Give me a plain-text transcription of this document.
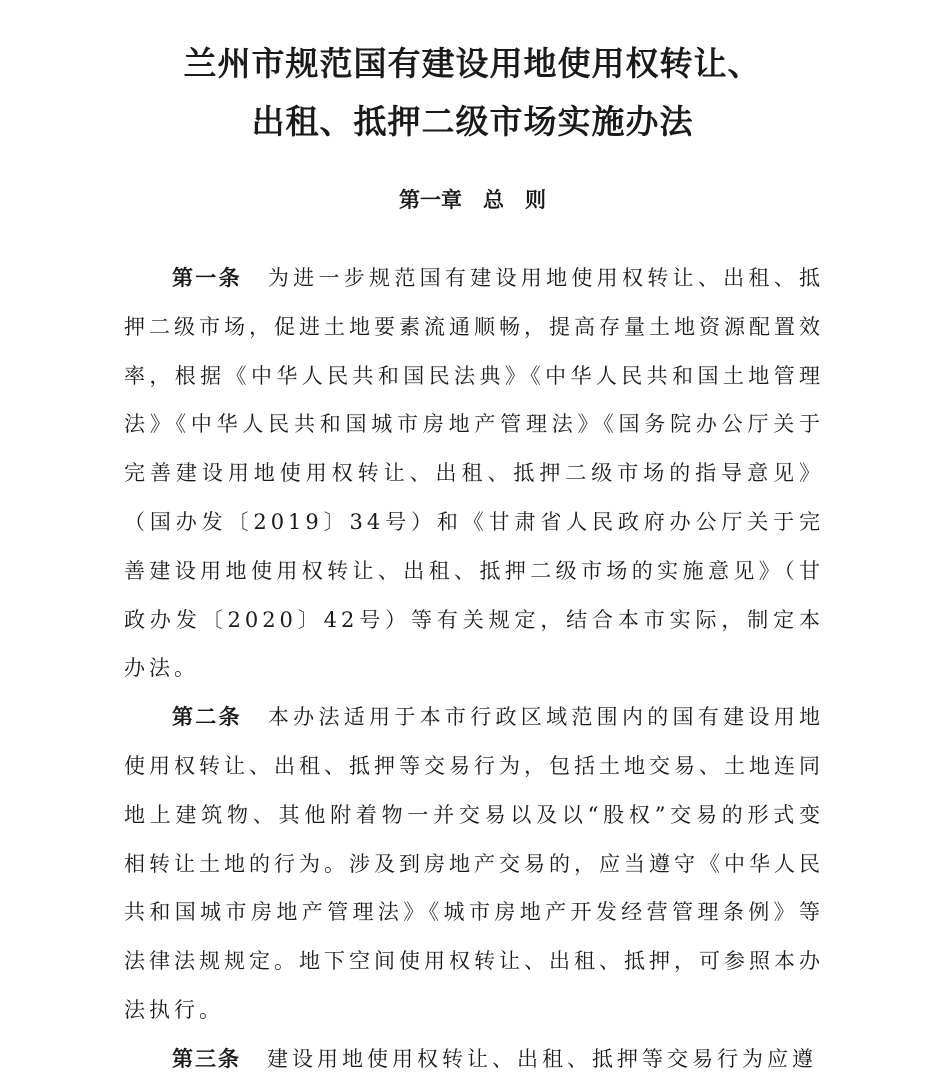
兰州市规范国有建设用地使用权转让、
出租、抵押二级市场实施办法
第一章　总　则

第一条 为进一步规范国有建设用地使用权转让、出租、抵押二级市场，促进土地要素流通顺畅，提高存量土地资源配置效率，根据《中华人民共和国民法典》《中华人民共和国土地管理法》《中华人民共和国城市房地产管理法》《国务院办公厅关于完善建设用地使用权转让、出租、抵押二级市场的指导意见》（国办发〔2019〕34号）和《甘肃省人民政府办公厅关于完善建设用地使用权转让、出租、抵押二级市场的实施意见》（甘政办发〔2020〕42号）等有关规定，结合本市实际，制定本办法。

第二条 本办法适用于本市行政区域范围内的国有建设用地使用权转让、出租、抵押等交易行为，包括土地交易、土地连同地上建筑物、其他附着物一并交易以及以“股权”交易的形式变相转让土地的行为。涉及到房地产交易的，应当遵守《中华人民共和国城市房地产管理法》《城市房地产开发经营管理条例》等法律法规规定。地下空间使用权转让、出租、抵押，可参照本办法执行。

第三条 建设用地使用权转让、出租、抵押等交易行为应遵
